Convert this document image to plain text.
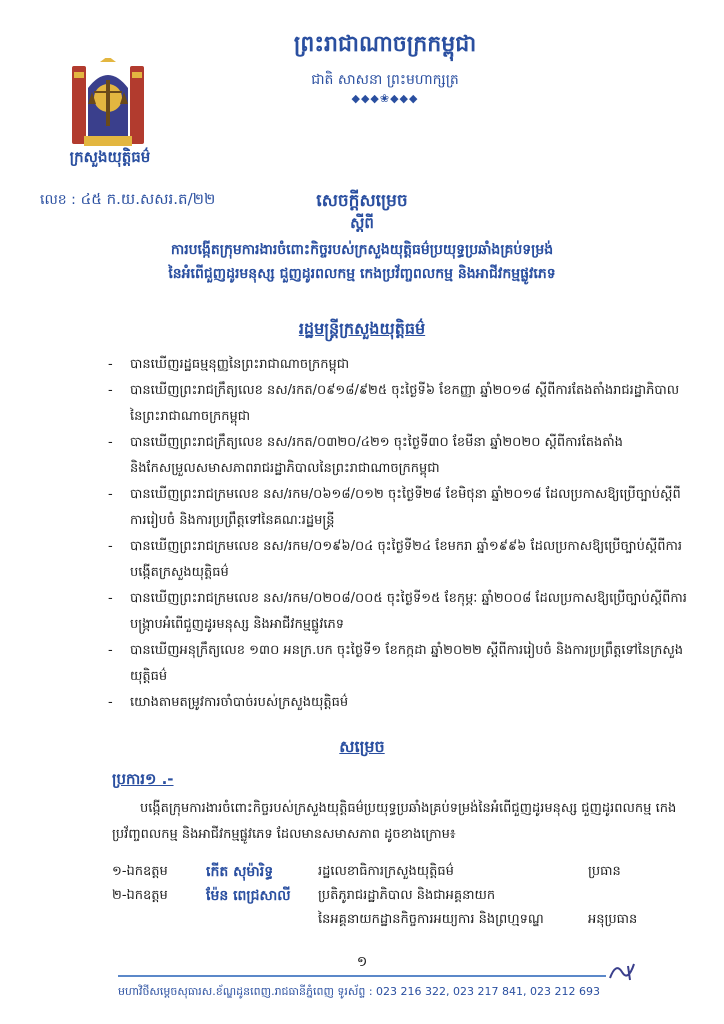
ព្រះរាជាណាចក្រកម្ពុជា
ជាតិ សាសនា ព្រះមហាក្សត្រ
◆◆◆❀◆◆◆
ក្រសួងយុត្តិធម៌
លេខ : ៤៥ ក.យ.សសរ.ត/២២	សេចក្តីសម្រេច
ស្តីពី
ការបង្កើតក្រុមការងារចំពោះកិច្ចរបស់ក្រសួងយុត្តិធម៌ប្រយុទ្ធប្រឆាំងគ្រប់ទម្រង់
នៃអំពើជួញដូរមនុស្ស ជួញដូរពលកម្ម កេងប្រវ័ញ្ចពលកម្ម និងអាជីវកម្មផ្លូវភេទ
រដ្ឋមន្ត្រីក្រសួងយុត្តិធម៌
- បានឃើញរដ្ឋធម្មនុញ្ញនៃព្រះរាជាណាចក្រកម្ពុជា
- បានឃើញព្រះរាជក្រឹត្យលេខ នស/រកត/០៩១៨/៩២៥ ចុះថ្ងៃទី៦ ខែកញ្ញា ឆ្នាំ២០១៨ ស្តីពីការតែងតាំងរាជរដ្ឋាភិបាលនៃព្រះរាជាណាចក្រកម្ពុជា
- បានឃើញព្រះរាជក្រឹត្យលេខ នស/រកត/០៣២០/៤២១ ចុះថ្ងៃទី៣០ ខែមីនា ឆ្នាំ២០២០ ស្តីពីការតែងតាំង និងកែសម្រួលសមាសភាពរាជរដ្ឋាភិបាលនៃព្រះរាជាណាចក្រកម្ពុជា
- បានឃើញព្រះរាជក្រមលេខ នស/រកម/០៦១៨/០១២ ចុះថ្ងៃទី២៨ ខែមិថុនា ឆ្នាំ២០១៨ ដែលប្រកាសឱ្យប្រើច្បាប់ស្តីពីការរៀបចំ និងការប្រព្រឹត្តទៅនៃគណៈរដ្ឋមន្ត្រី
- បានឃើញព្រះរាជក្រមលេខ នស/រកម/០១៩៦/០៤ ចុះថ្ងៃទី២៤ ខែមករា ឆ្នាំ១៩៩៦ ដែលប្រកាសឱ្យប្រើច្បាប់ស្តីពីការបង្កើតក្រសួងយុត្តិធម៌
- បានឃើញព្រះរាជក្រមលេខ នស/រកម/០២០៨/០០៥ ចុះថ្ងៃទី១៥ ខែកុម្ភៈ ឆ្នាំ២០០៨ ដែលប្រកាសឱ្យប្រើច្បាប់ស្តីពីការបង្ក្រាបអំពើជួញដូរមនុស្ស និងអាជីវកម្មផ្លូវភេទ
- បានឃើញអនុក្រឹត្យលេខ ១៣០ អនក្រ.បក ចុះថ្ងៃទី១ ខែកក្កដា ឆ្នាំ២០២២ ស្តីពីការរៀបចំ និងការប្រព្រឹត្តទៅនៃក្រសួងយុត្តិធម៌
- យោងតាមតម្រូវការចាំបាច់របស់ក្រសួងយុត្តិធម៌
សម្រេច
ប្រការ១ .-
បង្កើតក្រុមការងារចំពោះកិច្ចរបស់ក្រសួងយុត្តិធម៌ប្រយុទ្ធប្រឆាំងគ្រប់ទម្រង់នៃអំពើជួញដូរមនុស្ស ជួញដូរពលកម្ម កេងប្រវ័ញ្ចពលកម្ម និងអាជីវកម្មផ្លូវភេទ ដែលមានសមាសភាព ដូចខាងក្រោម៖
១-ឯកឧត្តម	កើត សុម៉ារិទ្ធ	រដ្ឋលេខាធិការក្រសួងយុត្តិធម៌	ប្រធាន
២-ឯកឧត្តម	ម៉ែន ពេជ្រសាលី	ប្រតិភូរាជរដ្ឋាភិបាល និងជាអគ្គនាយក
នៃអគ្គនាយកដ្ឋានកិច្ចការអយ្យការ និងព្រហ្មទណ្ឌ	អនុប្រធាន
១
មហាវិថីសម្តេចសុធារស.ខ័ណ្ឌដូនពេញ.រាជធានីភ្នំពេញ ទូរស័ព្ទ : 023 216 322, 023 217 841, 023 212 693
